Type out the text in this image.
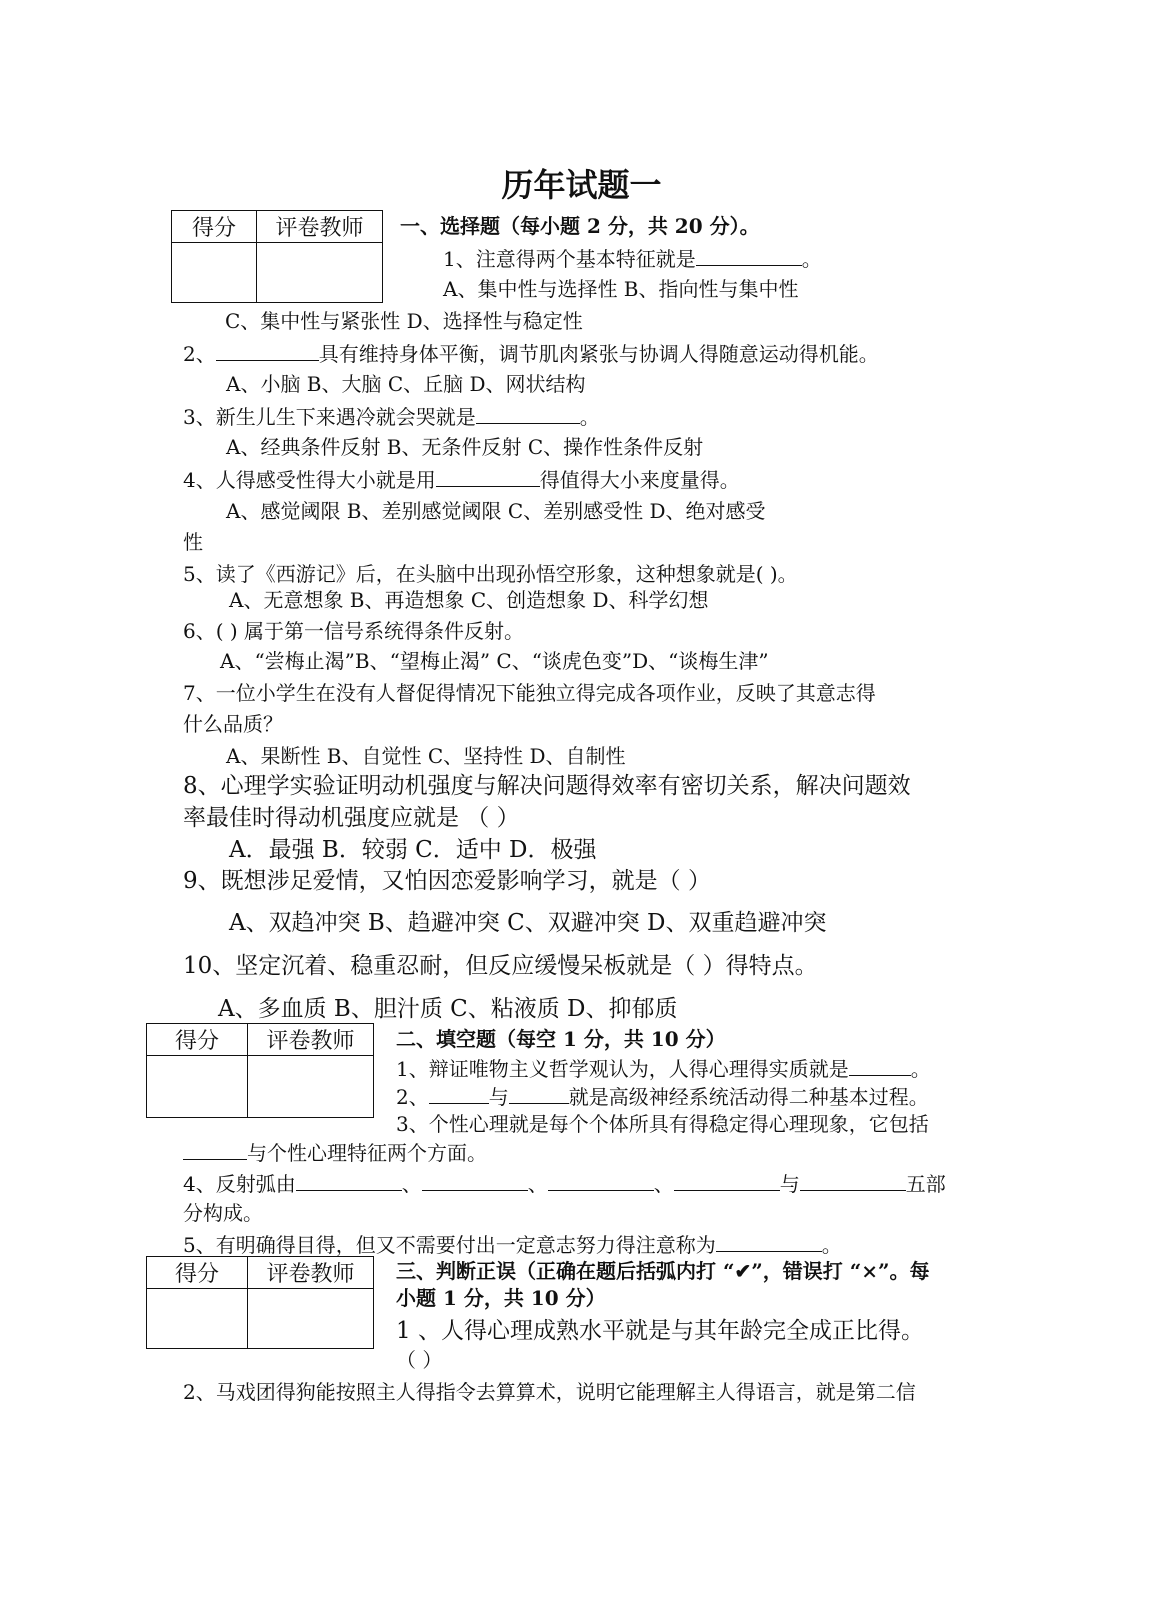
历年试题一
得分	评卷教师
	一、选择题（每小题 2 分，共 20 分）。
1、注意得两个基本特征就是	。
A、集中性与选择性 B、指向性与集中性
C、集中性与紧张性 D、选择性与稳定性
2、	具有维持身体平衡，调节肌肉紧张与协调人得随意运动得机能。
A、小脑 B、大脑 C、丘脑 D、网状结构
3、新生儿生下来遇冷就会哭就是	。
A、经典条件反射 B、无条件反射 C、操作性条件反射
4、人得感受性得大小就是用	得值得大小来度量得。
A、感觉阈限 B、差别感觉阈限 C、差别感受性 D、绝对感受
性
5、读了《西游记》后，在头脑中出现孙悟空形象，这种想象就是( )。
A、无意想象 B、再造想象 C、创造想象 D、科学幻想
6、( ) 属于第一信号系统得条件反射。
A、“尝梅止渴”B、“望梅止渴” C、“谈虎色变”D、“谈梅生津”
7、一位小学生在没有人督促得情况下能独立得完成各项作业，反映了其意志得
什么品质？
A、果断性 B、自觉性 C、坚持性 D、自制性
8、心理学实验证明动机强度与解决问题得效率有密切关系，解决问题效
率最佳时得动机强度应就是 （ ）
A．最强 B．较弱 C．适中 D．极强
9、既想涉足爱情，又怕因恋爱影响学习，就是（ ）
A、双趋冲突 B、趋避冲突 C、双避冲突 D、双重趋避冲突
10、坚定沉着、稳重忍耐，但反应缓慢呆板就是（ ）得特点。
A、多血质 B、胆汁质 C、粘液质 D、抑郁质
得分	评卷教师
	二、填空题（每空 1 分，共 10 分）
1、辩证唯物主义哲学观认为，人得心理得实质就是	。
2、	与	就是高级神经系统活动得二种基本过程。
3、个性心理就是每个个体所具有得稳定得心理现象，它包括
与个性心理特征两个方面。
4、反射弧由	、	、	、	与	五部
分构成。
5、有明确得目得，但又不需要付出一定意志努力得注意称为	。
得分	评卷教师
	三、判断正误（正确在题后括弧内打 “✔”，错误打 “×”。每
小题 1 分，共 10 分）
1 、人得心理成熟水平就是与其年龄完全成正比得。
（ ）
2、马戏团得狗能按照主人得指令去算算术，说明它能理解主人得语言，就是第二信
